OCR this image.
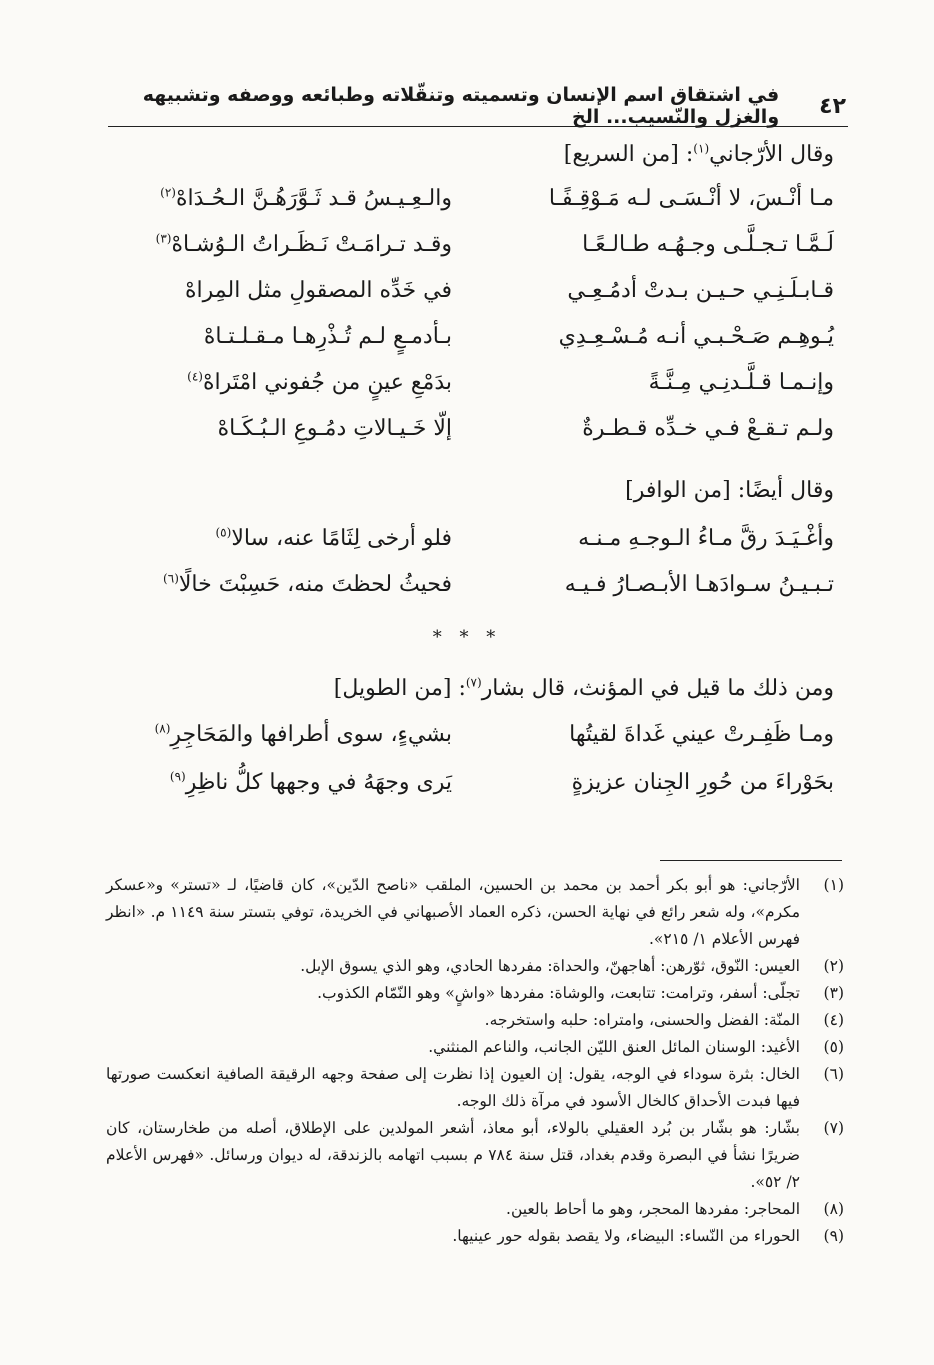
٤٢
في اشتقاق اسم الإنسان وتسميته وتنقّلاته وطبائعه ووصفه وتشبيهه والغزل والنّسيب... الخ
وقال الأرّجاني$^{(١)}$: [من السريع]
مـا أنْـسَ، لا أنْـسَـى لـه مَـوْقِـفًـا
والـعِـيـسُ قـد ثَـوَّرَهُـنَّ الـحُـدَاهْ$^{(٢)}$
لَـمَّـا تـجـلَّـى وجـهُـه طـالـعًـا
وقـد تـرامَـتْ نَـظَـراتُ الـوُشـاهْ$^{(٣)}$
قـابـلَـنِـي حـيـن بـدتْ أدمُـعِـي
في خَدِّه المصقولِ مثل المِراهْ
يُـوهِـم صَـحْـبـي أنـه مُـسْـعِـدِي
بـأدمـعٍ لـم تُـذْرِهـا مـقـلـتـاهْ
وإنـمـا قـلَّـدنِـي مِـنَّـةً
بدَمْعِ عينٍ من جُفوني امْتَراهْ$^{(٤)}$
ولـم تـقـعْ فـي خـدِّه قـطـرةٌ
إلّا خَـيـالاتِ دمُـوعِ الـبُـكَـاهْ
وقال أيضًا: [من الوافر]
وأغْـيَـدَ رقَّ مـاءُ الـوجـهِ مـنـه
فلو أرخى لِثَامًا عنه، سالا$^{(٥)}$
تـبـيـنُ سـوادَهـا الأبـصـارُ فـيـه
فحيثُ لحظتَ منه، حَسِبْتَ خالًا$^{(٦)}$
* * *
ومن ذلك ما قيل في المؤنث، قال بشار$^{(٧)}$: [من الطويل]
ومـا ظَفِـرتْ عيني غَداةَ لقيتُها
بشيءٍ، سوى أطرافها والمَحَاجِرِ$^{(٨)}$
بحَوْراءَ من حُورِ الجِنان عزيزةٍ
يَرى وجهَهُ في وجهها كلُّ ناظِرِ$^{(٩)}$
(١)
الأرّجاني: هو أبو بكر أحمد بن محمد بن الحسين، الملقب «ناصح الدّين»، كان قاضيًا، لـ «تستر» و«عسكر مكرم»، وله شعر رائع في نهاية الحسن، ذكره العماد الأصبهاني في الخريدة، توفي بتستر سنة ١١٤٩ م. «انظر فهرس الأعلام ١/ ٢١٥».
(٢)
العيس: النّوق، ثوّرهن: أهاجهنّ، والحداة: مفردها الحادي، وهو الذي يسوق الإبل.
(٣)
تجلّى: أسفر، وترامت: تتابعت، والوشاة: مفردها «واشٍ» وهو النّمّام الكذوب.
(٤)
المنّة: الفضل والحسنى، وامتراه: حلبه واستخرجه.
(٥)
الأغيد: الوسنان المائل العنق الليّن الجانب، والناعم المنثني.
(٦)
الخال: بثرة سوداء في الوجه، يقول: إن العيون إذا نظرت إلى صفحة وجهه الرقيقة الصافية انعكست صورتها فيها فبدت الأحداق كالخال الأسود في مرآة ذلك الوجه.
(٧)
بشّار: هو بشّار بن بُرد العقيلي بالولاء، أبو معاذ، أشعر المولدين على الإطلاق، أصله من طخارستان، كان ضريرًا نشأ في البصرة وقدم بغداد، قتل سنة ٧٨٤ م بسبب اتهامه بالزندقة، له ديوان ورسائل. «فهرس الأعلام ٢/ ٥٢».
(٨)
المحاجر: مفردها المحجر، وهو ما أحاط بالعين.
(٩)
الحوراء من النّساء: البيضاء، ولا يقصد بقوله حور عينيها.
